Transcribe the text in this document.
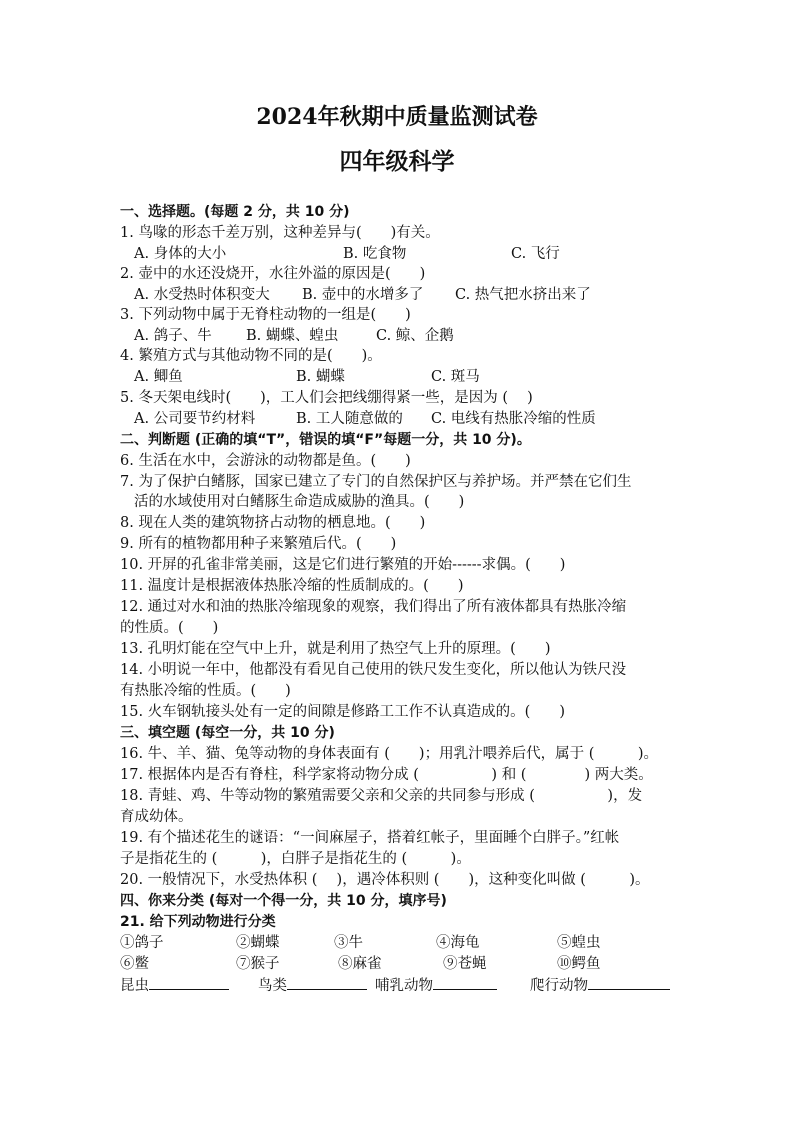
2024年秋期中质量监测试卷
四年级科学
一、选择题。(每题 2 分，共 10 分)
1. 鸟喙的形态千差万别，这种差异与(　　)有关。
A. 身体的大小	B. 吃食物	C. 飞行
2. 壶中的水还没烧开，水往外溢的原因是(　　)
A. 水受热时体积变大 B. 壶中的水增多了 C. 热气把水挤出来了
3. 下列动物中属于无脊柱动物的一组是(　　)
A. 鸽子、牛 B. 蝴蝶、蝗虫	C. 鲸、企鹅
4. 繁殖方式与其他动物不同的是(　　)。
A. 鲫鱼	B. 蝴蝶	C. 斑马
5. 冬天架电线时(　　)，工人们会把线绷得紧一些，是因为 (　 )
A. 公司要节约材料	B. 工人随意做的 C. 电线有热胀冷缩的性质
二、判断题 (正确的填“T”，错误的填“F”每题一分，共 10 分)。
6. 生活在水中，会游泳的动物都是鱼。(　　)
7. 为了保护白鳍豚，国家已建立了专门的自然保护区与养护场。并严禁在它们生
活的水域使用对白鳍豚生命造成威胁的渔具。(　　)
8. 现在人类的建筑物挤占动物的栖息地。(　　)
9. 所有的植物都用种子来繁殖后代。(　　)
10. 开屏的孔雀非常美丽，这是它们进行繁殖的开始------求偶。(　　)
11. 温度计是根据液体热胀冷缩的性质制成的。(　　)
12. 通过对水和油的热胀冷缩现象的观察，我们得出了所有液体都具有热胀冷缩
的性质。(　　)
13. 孔明灯能在空气中上升，就是利用了热空气上升的原理。(　　)
14. 小明说一年中，他都没有看见自己使用的铁尺发生变化，所以他认为铁尺没
有热胀冷缩的性质。(　　)
15. 火车钢轨接头处有一定的间隙是修路工工作不认真造成的。(　　)
三、填空题 (每空一分，共 10 分)
16. 牛、羊、猫、兔等动物的身体表面有 (　　)；用乳汁喂养后代，属于 (　　　)。
17. 根据体内是否有脊柱，科学家将动物分成 (　　　　　) 和 (　　　　) 两大类。
18. 青蛙、鸡、牛等动物的繁殖需要父亲和父亲的共同参与形成 (　　　　　)，发
育成幼体。
19. 有个描述花生的谜语：“一间麻屋子，搭着红帐子，里面睡个白胖子。”红帐
子是指花生的 (　　　)，白胖子是指花生的 (　　　)。
20. 一般情况下，水受热体积 (　 )，遇冷体积则 (　　)，这种变化叫做 (　　　)。
四、你来分类 (每对一个得一分，共 10 分，填序号)
21. 给下列动物进行分类
①鸽子	②蝴蝶	③牛	④海龟	⑤蝗虫
⑥鳖	⑦猴子	⑧麻雀	⑨苍蝇	⑩鳄鱼
昆虫	鸟类	哺乳动物	爬行动物
